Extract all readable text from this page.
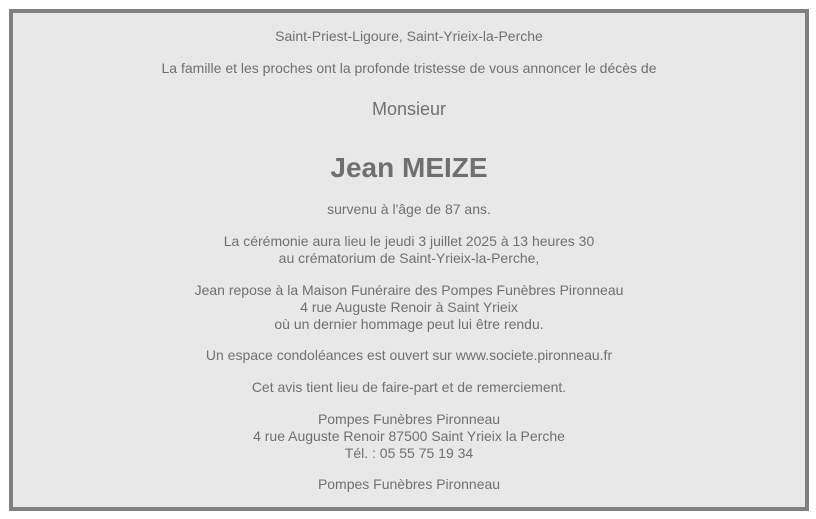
Saint-Priest-Ligoure, Saint-Yrieix-la-Perche

La famille et les proches ont la profonde tristesse de vous annoncer le décès de

Monsieur

Jean MEIZE

survenu à l'âge de 87 ans.

La cérémonie aura lieu le jeudi 3 juillet 2025 à 13 heures 30

au crématorium de Saint-Yrieix-la-Perche,

Jean repose à la Maison Funéraire des Pompes Funèbres Pironneau

4 rue Auguste Renoir à Saint Yrieix

où un dernier hommage peut lui être rendu.

Un espace condoléances est ouvert sur www.societe.pironneau.fr

Cet avis tient lieu de faire-part et de remerciement.

Pompes Funèbres Pironneau

4 rue Auguste Renoir 87500 Saint Yrieix la Perche

Tél. : 05 55 75 19 34

Pompes Funèbres Pironneau
